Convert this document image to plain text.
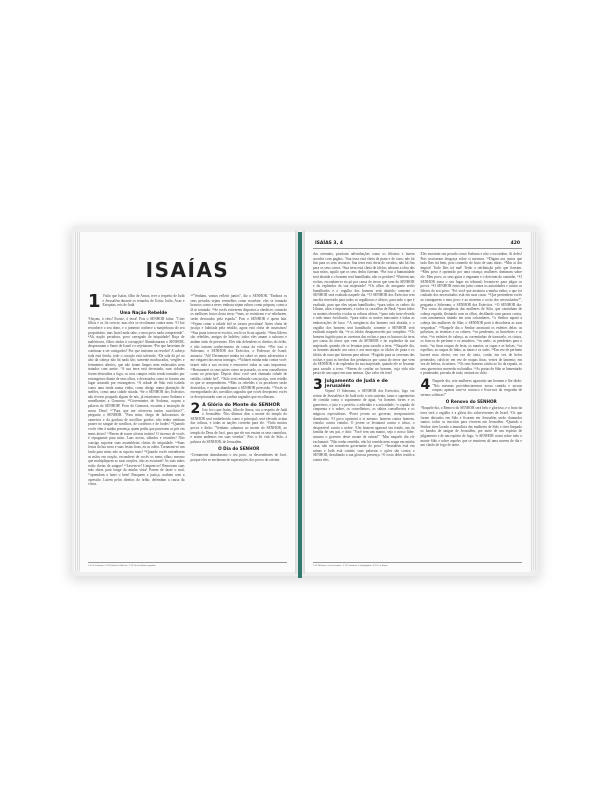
ISAÍAS
1 Visão que Isaías, filho de Amoz, teve a respeito de Judá e Jerusalém durante os reinados de Uzias, Jotão, Acaz e Ezequias, reis de Judá.

Uma Nação Rebelde

²Ouçam, ó céus! Escute, ó terra! Pois o SENHOR falou: "Criei filhos e os fiz crescer, mas eles se revoltaram contra mim. ³O boi reconhece o seu dono, e o jumento conhece a manjedoura do seu proprietário, mas Israel nada sabe, o meu povo nada compreende". ⁴Ah, nação pecadora, povo carregado de iniquidade! Raça de malfeitores, filhos dados à corrupção! Abandonaram o SENHOR, desprezaram o Santo de Israel e o rejeitaram. ⁵Por que haveriam de continuar a ser castigados? Por que insistem na revolta? A cabeça toda está ferida, todo o coração está sofrendo. ⁶Da sola do pé ao alto da cabeça não há nada são; somente machucados, vergões e ferimentos abertos, que não foram limpos nem enfaixados nem tratados com azeite. ⁷A sua terra está devastada, suas cidades foram destruídas a fogo; os seus campos estão sendo tomados por estrangeiros diante de seus olhos, e devastados como se fossem um lugar arrasado por estrangeiros. ⁸A cidade de Sião está isolada como uma tenda numa vinha, como abrigo numa plantação de melões, como uma cidade sitiada. ⁹Se o SENHOR dos Exércitos não tivesse poupado alguns de nós, já estaríamos como Sodoma e semelhantes a Gomorra. ¹⁰Governantes de Sodoma, ouçam a palavra do SENHOR! Povo de Gomorra, escutem a instrução de nosso Deus! ¹¹"Para que me oferecem tantos sacrifícios?", pergunta o SENHOR. "Para mim, chega de holocaustos de carneiros e da gordura de novilhos gordos; não tenho nenhum prazer no sangue de novilhos, de cordeiros e de bodes! ¹²Quando vocês vêm à minha presença, quem pediu que pusessem os pés em meus átrios? ¹³Parem de trazer ofertas inúteis! O incenso de vocês é repugnante para mim. Luas novas, sábados e reuniões! Não consigo suportar suas assembleias cheias de iniquidade. ¹⁴Suas festas da lua nova e suas festas fixas, eu as odeio. Tornaram-se um fardo para mim; não as suporto mais! ¹⁵Quando vocês estenderem as mãos em oração, esconderei de vocês os meus olhos; mesmo que multipliquem as suas orações, não as escutarei! As suas mãos estão cheias de sangue! ¹⁶Lavem-se! Limpem-se! Removam suas más obras para longe da minha vista! Parem de fazer o mal, ¹⁷aprendam a fazer o bem! Busquem a justiça, acabem com a opressão. Lutem pelos direitos do órfão, defendam a causa da viúva.

¹⁸"Venham, vamos refletir juntos", diz o SENHOR. "Embora os seus pecados sejam vermelhos como escarlate, eles se tornarão brancos como a neve; embora sejam rubros como púrpura, como a lã se tornarão. ¹⁹Se vocês estiverem dispostos a obedecer, comerão os melhores frutos desta terra; ²⁰mas, se resistirem e se rebelarem, serão devorados pela espada." Pois o SENHOR é quem fala. ²¹Vejam como a cidade fiel se tornou prostituta! Antes cheia de justiça e habitada pela retidão, agora está cheia de assassinos! ²²Sua prata tornou-se escória, seu licor ficou aguado. ²³Seus líderes são rebeldes, amigos de ladrões; todos eles amam o suborno e andam atrás de presentes. Eles não defendem os direitos do órfão, e não tomam conhecimento da causa da viúva. ²⁴Por isso o Soberano, o SENHOR dos Exércitos, o Poderoso de Israel, anuncia: "Ah! Derramarei minha ira sobre os meus adversários e me vingarei dos meus inimigos. ²⁵Voltarei minha mão contra você; tirarei toda a sua escória e removerei todas as suas impurezas. ²⁶Restaurarei os seus juízes como no passado, os seus conselheiros como no princípio. Depois disso você será chamada cidade de retidão, cidade fiel". ²⁷Sião será redimida com justiça, com retidão os que se arrependerem. ²⁸Mas os rebeldes e os pecadores serão destruídos, e os que abandonam o SENHOR perecerão. ²⁹Vocês se envergonharão dos carvalhos sagrados que vocês desejaram; vocês se decepcionarão com os jardins sagrados que escolheram.

2 A Glória do Monte do SENHOR

Isto foi o que Isaías, filho de Amoz, viu a respeito de Judá e Jerusalém: ²Nos últimos dias o monte do templo do SENHOR será estabelecido como o principal; será elevado acima das colinas, e todas as nações correrão para ele. ³Virão muitos povos e dirão: "Venham, subamos ao monte do SENHOR, ao templo do Deus de Jacó, para que ele nos ensine os seus caminhos, e assim andemos em suas veredas". Pois a lei virá de Sião, a palavra do SENHOR, de Jerusalém.

O Dia do SENHOR

⁶Certamente abandonaste o teu povo, os descendentes de Jacó, porque eles se encheram de superstições dos povos do oriente.

1.8 Ou Gomorra • 2.6 Hebraico: filisteus • 1.29 Ou terebintos sagrados
ISAÍAS 3, 4	420

dos orientais, praticam adivinhações como os filisteus e fazem acordos com pagãos. ⁷Sua terra está cheia de prata e de ouro; não há fim para os seus tesouros. Sua terra está cheia de cavalos; não há fim para os seus carros. ⁸Sua terra está cheia de ídolos; adoram a obra das suas mãos, aquilo que os seus dedos fizeram. ⁹Por isso a humanidade será abatida e o homem será humilhado; não os perdoes! ¹⁰Entrem nas rochas, escondam-se no pó por causa do terror que vem do SENHOR e do esplendor da sua majestade! ¹¹Os olhos do arrogante serão humilhados e o orgulho dos homens será abatido; somente o SENHOR será exaltado naquele dia. ¹²O SENHOR dos Exércitos tem um dia reservado para todos os orgulhosos e altivos, para tudo o que é exaltado, para que eles sejam humilhados; ¹³para todos os cedros do Líbano, altos e imponentes, e todos os carvalhos de Basã, ¹⁴para todos os montes elevados e todas as colinas altivas, ¹⁵para toda torre elevada e todo muro fortificado, ¹⁶para todos os navios mercantes e todas as embarcações de luxo. ¹⁷A arrogância dos homens será abatida, e o orgulho dos homens será humilhado; somente o SENHOR será exaltado naquele dia, ¹⁸e os ídolos desaparecerão por completo. ¹⁹Os homens fugirão para as cavernas das rochas e para os buracos da terra por causa do terror que vem do SENHOR e do esplendor da sua majestade, quando ele se levantar para sacudir a terra. ²⁰Naquele dia, os homens atirarão aos ratos e aos morcegos os ídolos de prata e os ídolos de ouro que fizeram para adorar. ²¹Fugirão para as cavernas das rochas e para as brechas dos penhascos por causa do terror que vem do SENHOR e do esplendor da sua majestade, quando ele se levantar para sacudir a terra. ²²Parem de confiar no homem, cuja vida não passa de um sopro em suas narinas. Que valor ele tem?

3 Julgamento de Judá e de Jerusalém

Vejam! O Soberano, o SENHOR dos Exércitos, logo vai retirar de Jerusalém e de Judá todo o seu sustento, tanto o suprimento de comida como o suprimento de água, ²os homens fortes e os guerreiros, o juiz e o profeta, o adivinho e a autoridade, ³o capitão de cinquenta e o nobre, os conselheiros, os sábios conselheiros e os mágicos especialistas. ⁴Porei jovens no governo; irresponsáveis dominarão. ⁵O povo oprimirá a si mesmo: homem contra homem, vizinho contra vizinho. O jovem se levantará contra o idoso, o desprezível contra o nobre. ⁶Um homem agarrará seu irmão, um da família de seu pai, e dirá: "Você tem um manto, seja o nosso líder; assuma o governo deste monte de ruínas!" ⁷Mas naquele dia ele exclamará: "Não tenho remédio, não há comida nem roupa em minha casa; não me nomeiem governante do povo". ⁸Jerusalém está em ruínas e Judá está caindo; suas palavras e ações são contra o SENHOR, desafiando a sua gloriosa presença. ⁹O rosto deles testifica contra eles.

Eles mostram seu pecado como Sodoma e não o escondem. Ai deles! Pois trouxeram desgraça sobre si mesmos. ¹⁰Digam aos justos que tudo lhes irá bem, pois comerão do fruto de suas obras. ¹¹Mas ai dos ímpios! Tudo lhes irá mal! Terão a retribuição pelo que fizeram. ¹²Meu povo é oprimido por uma criança; mulheres dominam sobre ele. Meu povo, os seus guias o enganam e o desviam do caminho. ¹³O SENHOR toma o seu lugar no tribunal; levanta-se para julgar os povos. ¹⁴O SENHOR entra em juízo contra os autoridades e contra os líderes do seu povo: "Foi você que arruinou a minha vinha; o que foi roubado dos necessitados está em suas casas. ¹⁵Que pretendem vocês ao esmagarem o meu povo e ao moerem o rosto dos necessitados?", pergunta o Soberano, o SENHOR dos Exércitos. ¹⁶O SENHOR diz: "Por causa da arrogância das mulheres de Sião, que caminham de cabeça erguida, flertando com os olhos, desfilando com passos curtos, com ornamentos tinindo em seus calcanhares, ¹⁷o Senhor rapará a cabeça das mulheres de Sião; o SENHOR porá à descoberta as suas vergonhas". ¹⁸Naquele dia o Senhor arrancará os enfeites delas: as pulseiras, as testeiras e os colares, ¹⁹os pendentes, os braceletes e os véus, ²⁰os enfeites de cabeça, as correntinhas de tornozelo, os cintos, os frascos de perfume e os amuletos, ²¹os anéis, os pendentes para o nariz, ²²as finas roupas de festa, os mantos, as capas e as bolsas, ²³os espelhos, as roupas de linho, as tiaras e os xales. ²⁴Em vez de perfume haverá mau cheiro; em vez de cinto, corda; em vez de belos penteados, calvície; em vez de roupas finas, vestes de lamento; em vez de beleza, cicatrizes. ²⁵Os seus homens cairão ao fio da espada, os seus guerreiros morrerão na batalha. ²⁶As portas de Sião se lamentarão e prantearão; privada de tudo, sentará no chão.

4 Naquele dia, sete mulheres agarrarão um homem e lhe dirão: "Nós mesmas providenciaremos nossa comida e nossas roupas; apenas case-se conosco e livra-nos da vergonha de sermos solteiras!"

O Renovo do SENHOR

²Naquele dia, o Renovo do SENHOR será belo e glorioso, e o fruto da terra será o orgulho e a glória dos sobreviventes de Israel. ³Os que forem deixados em Sião e ficarem em Jerusalém serão chamados santos: todos os inscritos para viverem em Jerusalém. ⁴Quando o Senhor tiver lavado a imundícia das mulheres de Sião e tiver limpado os bandos de sangue de Jerusalém, por meio de um espírito de julgamento e de um espírito de fogo, ⁵o SENHOR criará sobre todo o monte Sião e sobre aqueles que se reunirem ali uma nuvem de dia e um clarão de fogo de noite.

3.10 Hebraico: os seus frutos • 3.13 Conforme a Septuaginta • 4.2 Ou o Ramo
